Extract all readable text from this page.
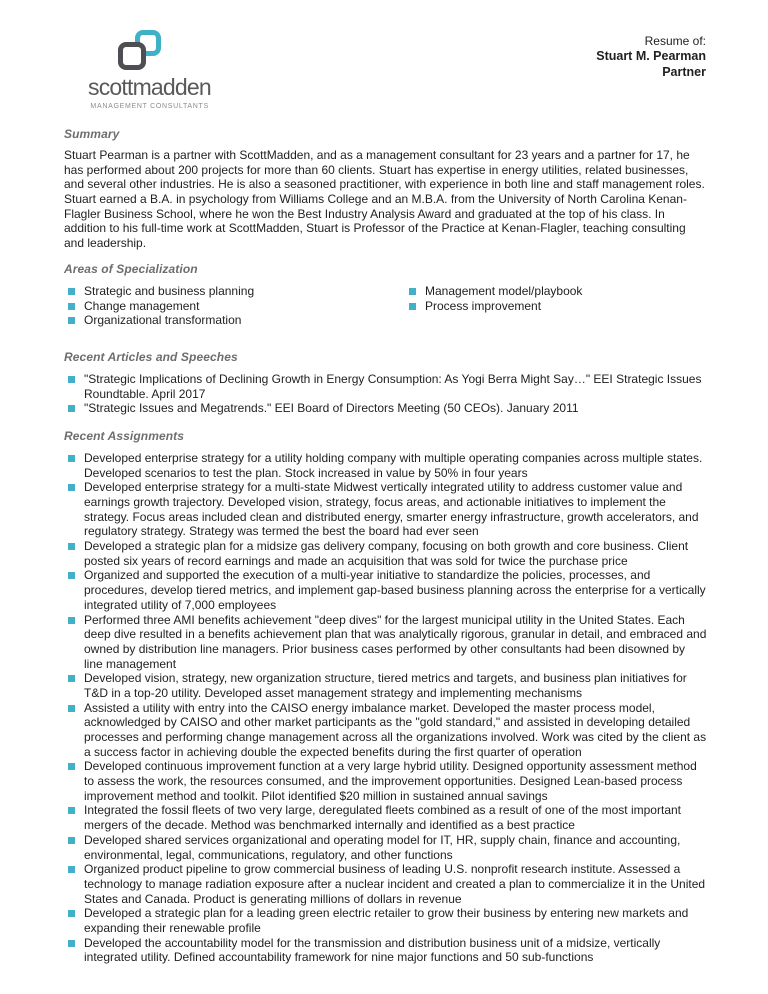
scottmadden
MANAGEMENT CONSULTANTS
Resume of:
Stuart M. Pearman
Partner
Summary

Stuart Pearman is a partner with ScottMadden, and as a management consultant for 23 years and a partner for 17, he has performed about 200 projects for more than 60 clients. Stuart has expertise in energy utilities, related businesses, and several other industries. He is also a seasoned practitioner, with experience in both line and staff management roles. Stuart earned a B.A. in psychology from Williams College and an M.B.A. from the University of North Carolina Kenan-Flagler Business School, where he won the Best Industry Analysis Award and graduated at the top of his class. In addition to his full-time work at ScottMadden, Stuart is Professor of the Practice at Kenan-Flagler, teaching consulting and leadership.

Areas of Specialization
Strategic and business planning
Change management
Organizational transformation
Management model/playbook
Process improvement
Recent Articles and Speeches
"Strategic Implications of Declining Growth in Energy Consumption: As Yogi Berra Might Say…" EEI Strategic Issues Roundtable. April 2017
"Strategic Issues and Megatrends." EEI Board of Directors Meeting (50 CEOs). January 2011
Recent Assignments
Developed enterprise strategy for a utility holding company with multiple operating companies across multiple states. Developed scenarios to test the plan. Stock increased in value by 50% in four years
Developed enterprise strategy for a multi-state Midwest vertically integrated utility to address customer value and earnings growth trajectory. Developed vision, strategy, focus areas, and actionable initiatives to implement the strategy. Focus areas included clean and distributed energy, smarter energy infrastructure, growth accelerators, and regulatory strategy. Strategy was termed the best the board had ever seen
Developed a strategic plan for a midsize gas delivery company, focusing on both growth and core business. Client posted six years of record earnings and made an acquisition that was sold for twice the purchase price
Organized and supported the execution of a multi-year initiative to standardize the policies, processes, and procedures, develop tiered metrics, and implement gap-based business planning across the enterprise for a vertically integrated utility of 7,000 employees
Performed three AMI benefits achievement "deep dives" for the largest municipal utility in the United States. Each deep dive resulted in a benefits achievement plan that was analytically rigorous, granular in detail, and embraced and owned by distribution line managers. Prior business cases performed by other consultants had been disowned by line management
Developed vision, strategy, new organization structure, tiered metrics and targets, and business plan initiatives for T&D in a top-20 utility. Developed asset management strategy and implementing mechanisms
Assisted a utility with entry into the CAISO energy imbalance market. Developed the master process model, acknowledged by CAISO and other market participants as the "gold standard," and assisted in developing detailed processes and performing change management across all the organizations involved. Work was cited by the client as a success factor in achieving double the expected benefits during the first quarter of operation
Developed continuous improvement function at a very large hybrid utility. Designed opportunity assessment method to assess the work, the resources consumed, and the improvement opportunities. Designed Lean-based process improvement method and toolkit. Pilot identified $20 million in sustained annual savings
Integrated the fossil fleets of two very large, deregulated fleets combined as a result of one of the most important mergers of the decade. Method was benchmarked internally and identified as a best practice
Developed shared services organizational and operating model for IT, HR, supply chain, finance and accounting, environmental, legal, communications, regulatory, and other functions
Organized product pipeline to grow commercial business of leading U.S. nonprofit research institute. Assessed a technology to manage radiation exposure after a nuclear incident and created a plan to commercialize it in the United States and Canada. Product is generating millions of dollars in revenue
Developed a strategic plan for a leading green electric retailer to grow their business by entering new markets and expanding their renewable profile
Developed the accountability model for the transmission and distribution business unit of a midsize, vertically integrated utility. Defined accountability framework for nine major functions and 50 sub-functions
